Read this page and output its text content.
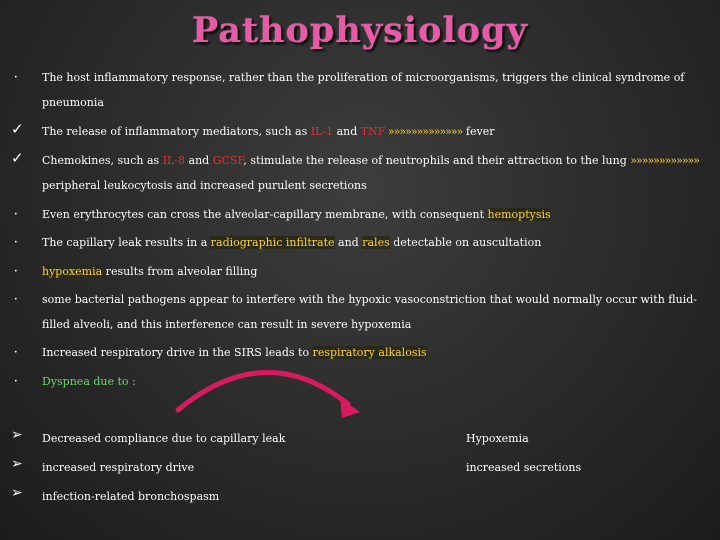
Pathophysiology
• The host inflammatory response, rather than the proliferation of microorganisms, triggers the clinical syndrome of
pneumonia
✓ The release of inflammatory mediators, such as IL-1 and TNF »»»»»»»»»»»»» fever
✓ Chemokines, such as IL-8 and GCSF, stimulate the release of neutrophils and their attraction to the lung »»»»»»»»»»»»
peripheral leukocytosis and increased purulent secretions
• Even erythrocytes can cross the alveolar-capillary membrane, with consequent hemoptysis
• The capillary leak results in a radiographic infiltrate and rales detectable on auscultation
• hypoxemia results from alveolar filling
• some bacterial pathogens appear to interfere with the hypoxic vasoconstriction that would normally occur with fluid-
filled alveoli, and this interference can result in severe hypoxemia
• Increased respiratory drive in the SIRS leads to respiratory alkalosis
• Dyspnea due to :
➢ Decreased compliance due to capillary leak	Hypoxemia
➢ increased respiratory drive	increased secretions
➢ infection-related bronchospasm
